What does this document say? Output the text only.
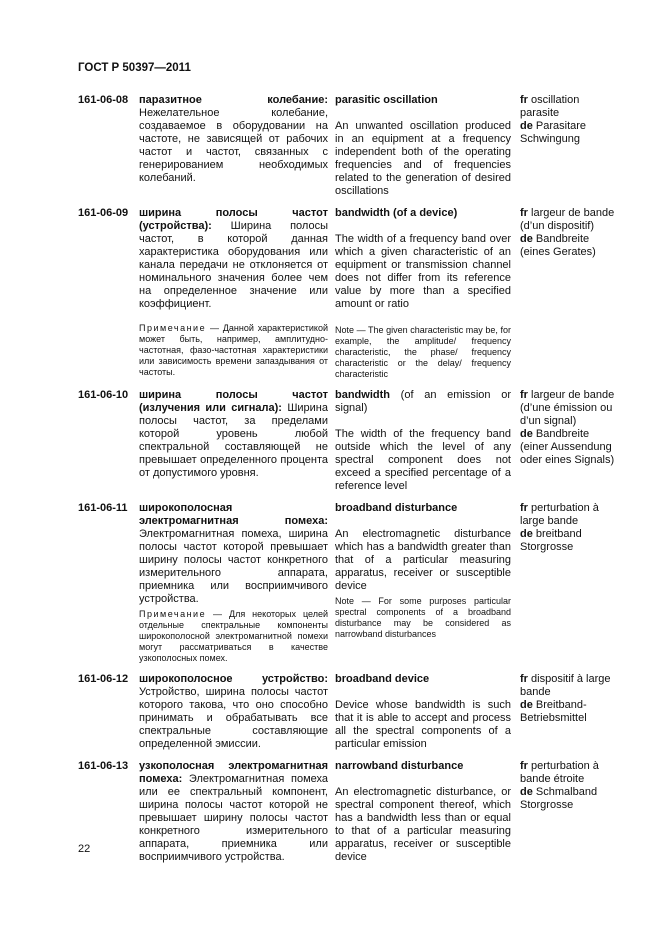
ГОСТ Р 50397—2011
161-06-08 паразитное колебание: Нежелательное колебание, создаваемое в оборудовании на частоте, не зависящей от рабочих частот и частот, связанных с генерированием необходимых колебаний.
parasitic oscillation
An unwanted oscillation produced in an equipment at a frequency independent both of the operating frequencies and of frequencies related to the generation of desired oscillations
fr oscillation parasite
de Parasitare Schwingung
161-06-09 ширина полосы частот (устройства): Ширина полосы частот, в которой данная характеристика оборудования или канала передачи не отклоняется от номинального значения более чем на определенное значение или коэффициент.
Примечание — Данной характеристикой может быть, например, амплитудно-частотная, фазо-частотная характеристики или зависимость времени запаздывания от частоты.
bandwidth (of a device)
The width of a frequency band over which a given characteristic of an equipment or transmission channel does not differ from its reference value by more than a specified amount or ratio
Note — The given characteristic may be, for example, the amplitude/ frequency characteristic, the phase/ frequency characteristic or the delay/ frequency characteristic
fr largeur de bande (d’un dispositif)
de Bandbreite (eines Gerates)
161-06-10 ширина полосы частот (излучения или сигнала): Ширина полосы частот, за пределами которой уровень любой спектральной составляющей не превышает определенного процента от допустимого уровня.
bandwidth (of an emission or signal)
The width of the frequency band outside which the level of any spectral component does not exceed a specified percentage of a reference level
fr largeur de bande (d’une émission ou d’un signal)
de Bandbreite (einer Aussendung oder eines Signals)
161-06-11	широкополосная электромагнитная помеха: Электромагнитная помеха, ширина полосы частот которой превышает ширину полосы частот конкретного измерительного аппарата, приемника или восприимчивого устройства.
Примечание — Для некоторых целей отдельные спектральные компоненты широкополосной электромагнитной помехи могут рассматриваться в качестве узкополосных помех.
broadband disturbance
An electromagnetic disturbance which has a bandwidth greater than that of a particular measuring apparatus, receiver or susceptible device
Note — For some purposes particular spectral components of a broadband disturbance may be considered as narrowband disturbances
fr perturbation à large bande
de breitband Storgrosse
161-06-12 широкополосное устройство: Устройство, ширина полосы частот которого такова, что оно способно принимать и обрабатывать все спектральные составляющие определенной эмиссии.
broadband device
Device whose bandwidth is such that it is able to accept and process all the spectral components of a particular emission
fr dispositif à large bande
de Breitband-Betriebsmittel
161-06-13 узкополосная электромагнитная помеха: Электромагнитная помеха или ее спектральный компонент, ширина полосы частот которой не превышает ширину полосы частот конкретного измерительного аппарата, приемника или восприимчивого устройства.
narrowband disturbance
An electromagnetic disturbance, or spectral component thereof, which has a bandwidth less than or equal to that of a particular measuring apparatus, receiver or susceptible device
fr perturbation à bande étroite
de Schmalband Storgrosse
22
